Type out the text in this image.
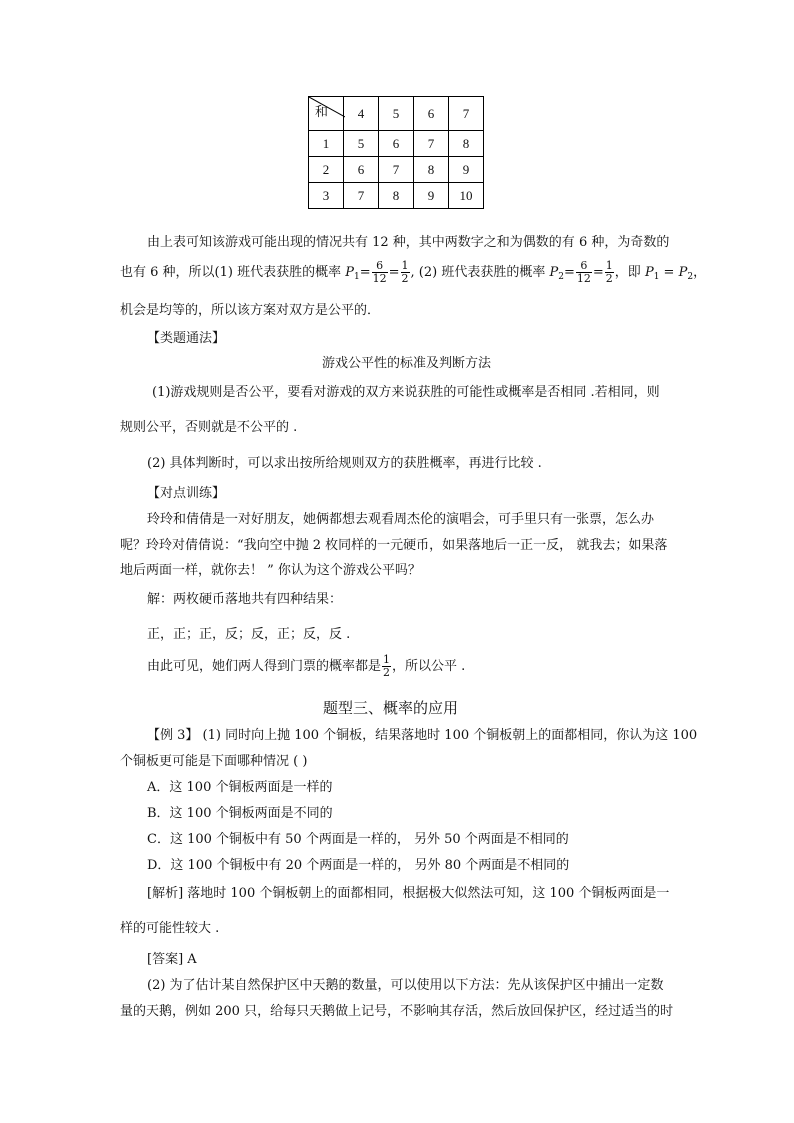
和	4	5	6	7
1	5	6	7	8
2	6	7	8	9
3	7	8	9	10
由上表可知该游戏可能出现的情况共有 12 种，其中两数字之和为偶数的有 6 种，为奇数的
也有 6 种，所以(1) 班代表获胜的概率 $P_1= \frac{6}{12} = \frac{1}{2}$ , (2) 班代表获胜的概率 $P_2= \frac{6}{12} = \frac{1}{2}$ ，即 $P_1 = P_2$，
机会是均等的，所以该方案对双方是公平的．
【类题通法】
游戏公平性的标准及判断方法
(1)游戏规则是否公平，要看对游戏的双方来说获胜的可能性或概率是否相同 .若相同，则
规则公平，否则就是不公平的 .
(2) 具体判断时，可以求出按所给规则双方的获胜概率，再进行比较 .
【对点训练】
玲玲和倩倩是一对好朋友，她俩都想去观看周杰伦的演唱会，可手里只有一张票，怎么办
呢？玲玲对倩倩说：“我向空中抛 2 枚同样的一元硬币，如果落地后一正一反， 就我去；如果落
地后两面一样，就你去！ ” 你认为这个游戏公平吗？
解：两枚硬币落地共有四种结果：
正，正；正，反；反，正；反，反 .
由此可见，她们两人得到门票的概率都是 $\frac{1}{2}$ ，所以公平 .
题型三、概率的应用
【例 3】 (1) 同时向上抛 100 个铜板，结果落地时 100 个铜板朝上的面都相同，你认为这 100
个铜板更可能是下面哪种情况 ( )
A．这 100 个铜板两面是一样的
B．这 100 个铜板两面是不同的
C．这 100 个铜板中有 50 个两面是一样的， 另外 50 个两面是不相同的
D．这 100 个铜板中有 20 个两面是一样的， 另外 80 个两面是不相同的
[解析] 落地时 100 个铜板朝上的面都相同，根据极大似然法可知，这 100 个铜板两面是一
样的可能性较大 .
[答案] A
(2) 为了估计某自然保护区中天鹅的数量，可以使用以下方法：先从该保护区中捕出一定数
量的天鹅，例如 200 只，给每只天鹅做上记号，不影响其存活，然后放回保护区，经过适当的时
